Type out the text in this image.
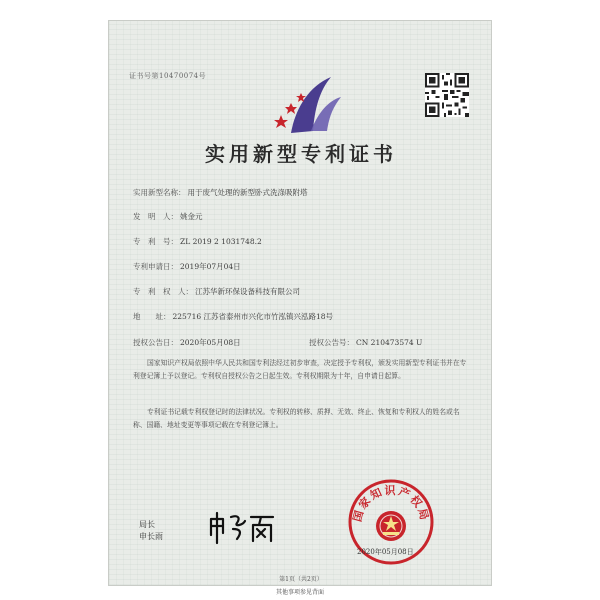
证书号第10470074号
实用新型专利证书
实用新型名称： 用于废气处理的新型卧式洗涤吸附塔
发　明　人： 姚金元
专　利　号： ZL 2019 2 1031748.2
专利申请日： 2019年07月04日
专　利　权　人： 江苏华新环保设备科技有限公司
地　　址： 225716 江苏省泰州市兴化市竹泓镇兴泓路18号
授权公告日： 2020年05月08日	授权公告号： CN 210473574 U
国家知识产权局依照中华人民共和国专利法经过初步审查，决定授予专利权，颁发实用新型专利证书并在专利登记簿上予以登记。专利权自授权公告之日起生效。专利权期限为十年，自申请日起算。
专利证书记载专利权登记时的法律状况。专利权的转移、质押、无效、终止、恢复和专利权人的姓名或名称、国籍、地址变更等事项记载在专利登记簿上。
局长
申长雨
国家知识产权局
2020年05月08日
第1页（共2页）
其他事项参见背面
